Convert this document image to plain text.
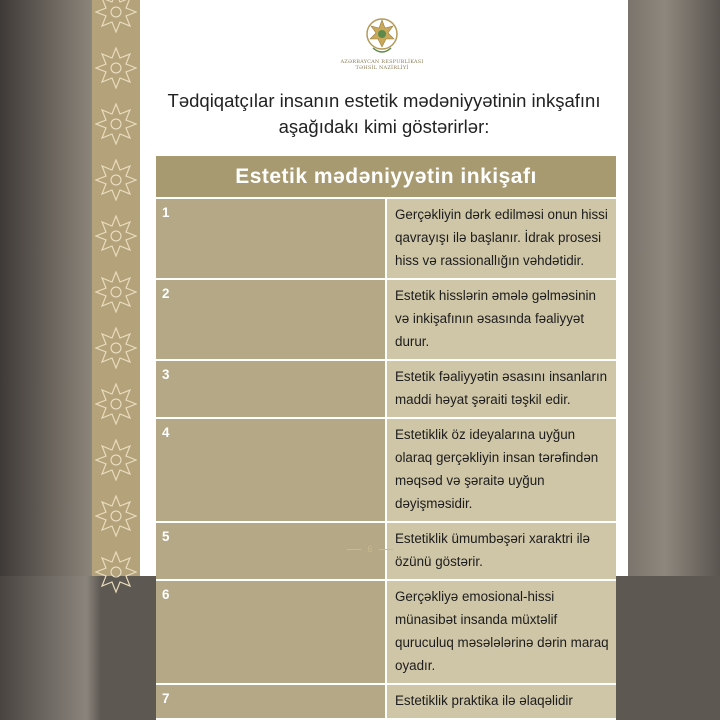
AZƏRBAYCAN RESPUBLİKASI
TƏHSİL NAZİRLİYİ
Tədqiqatçılar insanın estetik mədəniyyətinin inkşafını
aşağıdakı kimi göstərirlər:
Estetik mədəniyyətin inkişafı	
1	Gerçəkliyin dərk edilməsi onun hissi qavrayışı ilə başlanır. İdrak prosesi hiss və rassionallığın vəhdətidir.
2	Estetik hisslərin əmələ gəlməsinin və inkişafının əsasında fəaliyyət durur.
3	Estetik fəaliyyətin əsasını insanların maddi həyat şəraiti təşkil edir.
4	Estetiklik öz ideyalarına uyğun olaraq gerçəkliyin insan tərəfindən məqsəd və şəraitə uyğun dəyişməsidir.
5	Estetiklik ümumbəşəri xaraktri ilə özünü göstərir.
6	Gerçəkliyə emosional-hissi münasibət insanda müxtəlif quruculuq məsələlərinə dərin maraq oyadır.
7	Estetiklik praktika ilə əlaqəlidir
6
